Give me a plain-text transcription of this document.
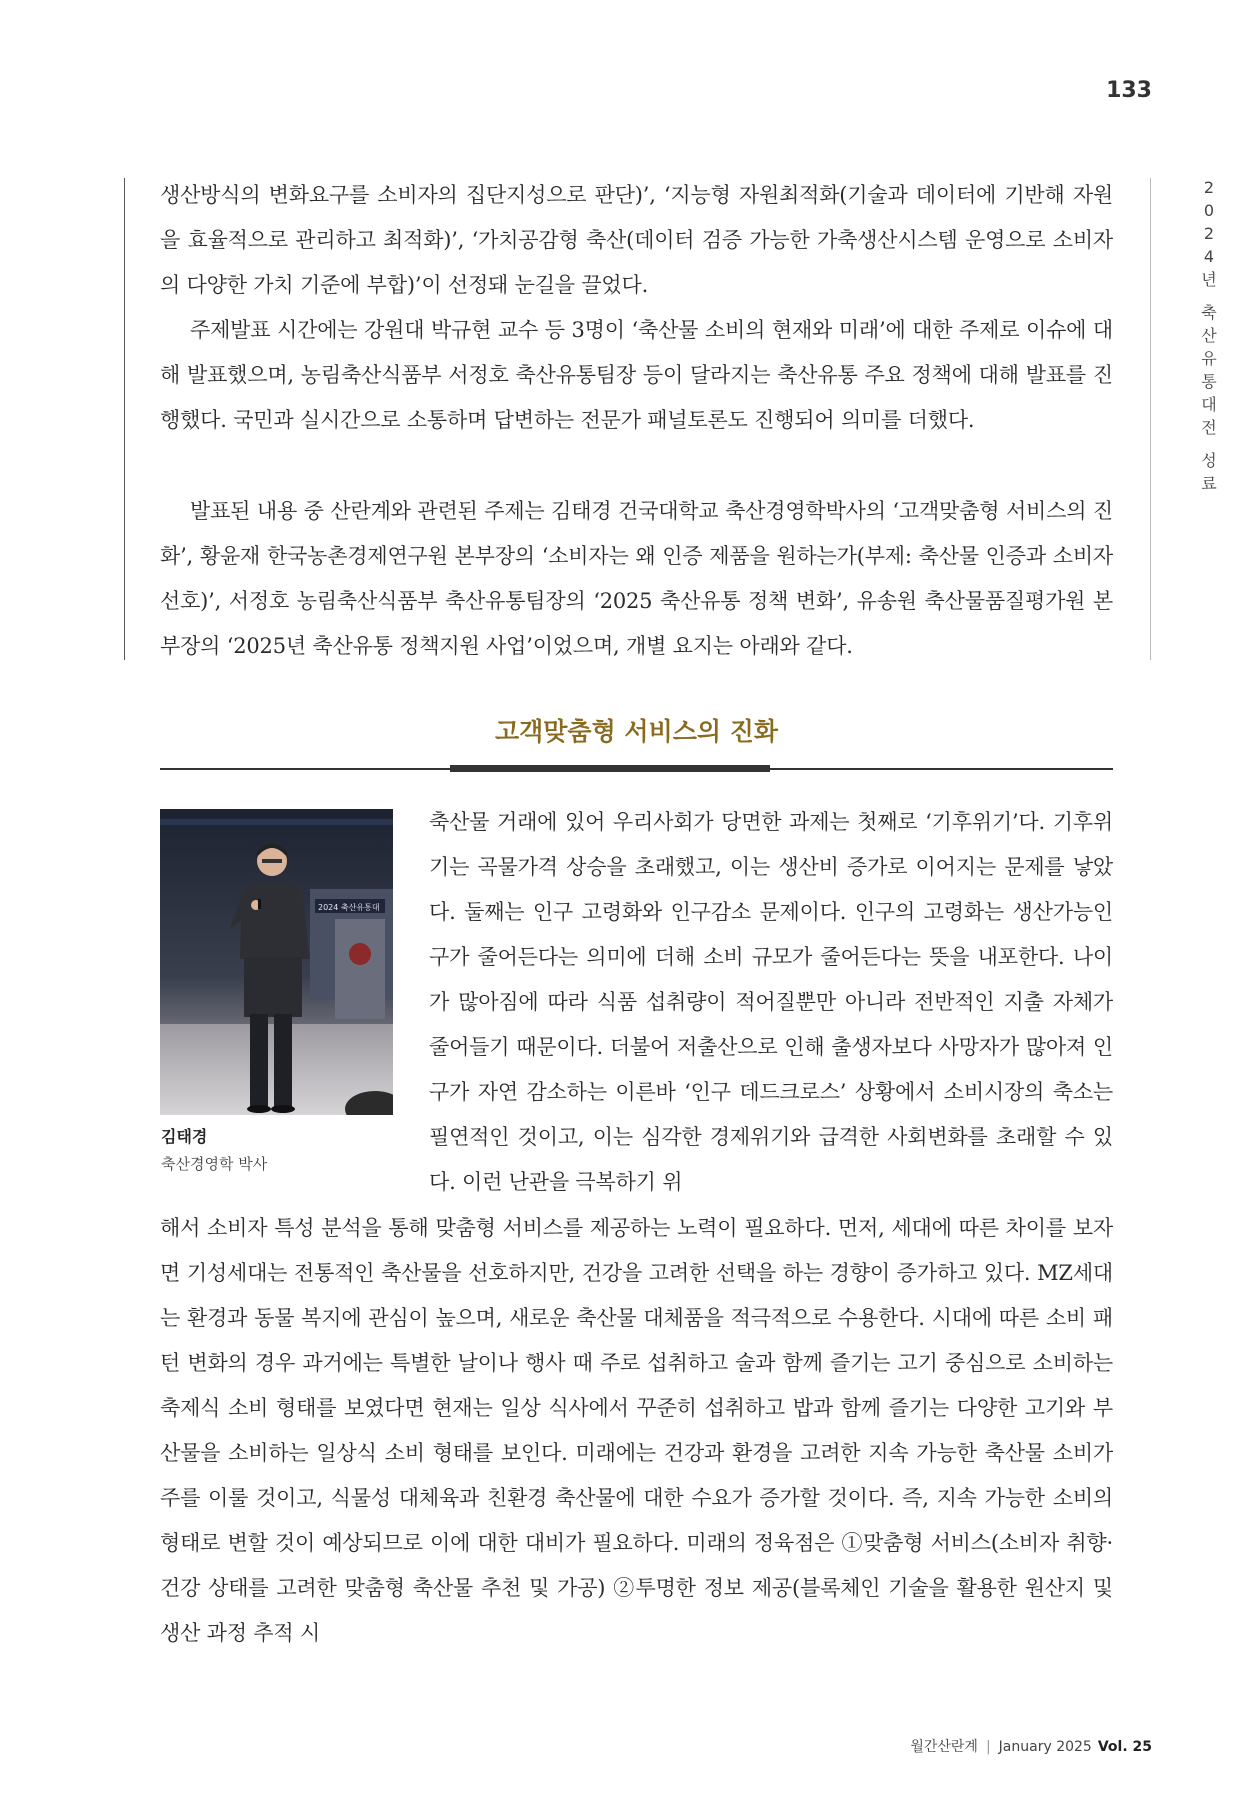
133
2
0
2
4
년
축
산
유
통
대
전
성
료

생산방식의 변화요구를 소비자의 집단지성으로 판단)’, ‘지능형 자원최적화(기술과 데이터에 기반해 자원을 효율적으로 관리하고 최적화)’, ‘가치공감형 축산(데이터 검증 가능한 가축생산시스템 운영으로 소비자의 다양한 가치 기준에 부합)’이 선정돼 눈길을 끌었다.

주제발표 시간에는 강원대 박규현 교수 등 3명이 ‘축산물 소비의 현재와 미래’에 대한 주제로 이슈에 대해 발표했으며, 농림축산식품부 서정호 축산유통팀장 등이 달라지는 축산유통 주요 정책에 대해 발표를 진행했다. 국민과 실시간으로 소통하며 답변하는 전문가 패널토론도 진행되어 의미를 더했다.

발표된 내용 중 산란계와 관련된 주제는 김태경 건국대학교 축산경영학박사의 ‘고객맞춤형 서비스의 진화’, 황윤재 한국농촌경제연구원 본부장의 ‘소비자는 왜 인증 제품을 원하는가(부제: 축산물 인증과 소비자 선호)’, 서정호 농림축산식품부 축산유통팀장의 ‘2025 축산유통 정책 변화’, 유송원 축산물품질평가원 본부장의 ‘2025년 축산유통 정책지원 사업’이었으며, 개별 요지는 아래와 같다.

고객맞춤형 서비스의 진화
2024 축산유통대
김태경
축산경영학 박사

축산물 거래에 있어 우리사회가 당면한 과제는 첫째로 ‘기후위기’다. 기후위기는 곡물가격 상승을 초래했고, 이는 생산비 증가로 이어지는 문제를 낳았다. 둘째는 인구 고령화와 인구감소 문제이다. 인구의 고령화는 생산가능인구가 줄어든다는 의미에 더해 소비 규모가 줄어든다는 뜻을 내포한다. 나이가 많아짐에 따라 식품 섭취량이 적어질뿐만 아니라 전반적인 지출 자체가 줄어들기 때문이다. 더불어 저출산으로 인해 출생자보다 사망자가 많아져 인구가 자연 감소하는 이른바 ‘인구 데드크로스’ 상황에서 소비시장의 축소는 필연적인 것이고, 이는 심각한 경제위기와 급격한 사회변화를 초래할 수 있다. 이런 난관을 극복하기 위

해서 소비자 특성 분석을 통해 맞춤형 서비스를 제공하는 노력이 필요하다. 먼저, 세대에 따른 차이를 보자면 기성세대는 전통적인 축산물을 선호하지만, 건강을 고려한 선택을 하는 경향이 증가하고 있다. MZ세대는 환경과 동물 복지에 관심이 높으며, 새로운 축산물 대체품을 적극적으로 수용한다. 시대에 따른 소비 패턴 변화의 경우 과거에는 특별한 날이나 행사 때 주로 섭취하고 술과 함께 즐기는 고기 중심으로 소비하는 축제식 소비 형태를 보였다면 현재는 일상 식사에서 꾸준히 섭취하고 밥과 함께 즐기는 다양한 고기와 부산물을 소비하는 일상식 소비 형태를 보인다. 미래에는 건강과 환경을 고려한 지속 가능한 축산물 소비가 주를 이룰 것이고, 식물성 대체육과 친환경 축산물에 대한 수요가 증가할 것이다. 즉, 지속 가능한 소비의 형태로 변할 것이 예상되므로 이에 대한 대비가 필요하다. 미래의 정육점은 ①맞춤형 서비스(소비자 취향·건강 상태를 고려한 맞춤형 축산물 추천 및 가공) ②투명한 정보 제공(블록체인 기술을 활용한 원산지 및 생산 과정 추적 시

월간산란계 | January 2025 Vol. 25
